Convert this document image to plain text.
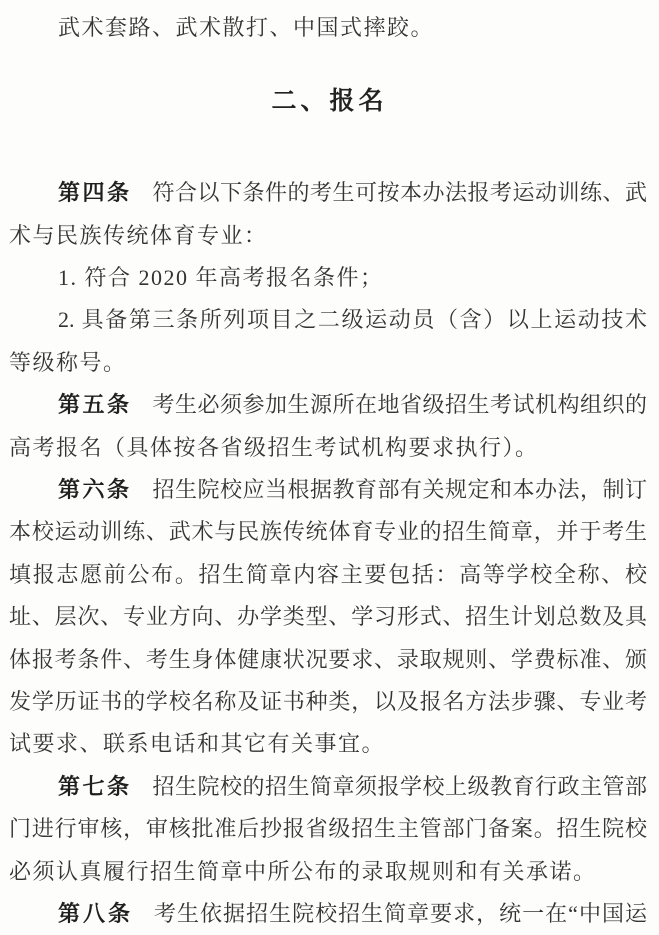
武术套路、武术散打、中国式摔跤。
二、报名
第四条 符合以下条件的考生可按本办法报考运动训练、武
术与民族传统体育专业：
1. 符合 2020 年高考报名条件；
2. 具备第三条所列项目之二级运动员（含）以上运动技术
等级称号。
第五条 考生必须参加生源所在地省级招生考试机构组织的
高考报名（具体按各省级招生考试机构要求执行）。
第六条 招生院校应当根据教育部有关规定和本办法，制订
本校运动训练、武术与民族传统体育专业的招生简章，并于考生
填报志愿前公布。招生简章内容主要包括：高等学校全称、校
址、层次、专业方向、办学类型、学习形式、招生计划总数及具
体报考条件、考生身体健康状况要求、录取规则、学费标准、颁
发学历证书的学校名称及证书种类，以及报名方法步骤、专业考
试要求、联系电话和其它有关事宜。
第七条 招生院校的招生简章须报学校上级教育行政主管部
门进行审核，审核批准后抄报省级招生主管部门备案。招生院校
必须认真履行招生简章中所公布的录取规则和有关承诺。
第八条 考生依据招生院校招生简章要求，统一在“中国运
